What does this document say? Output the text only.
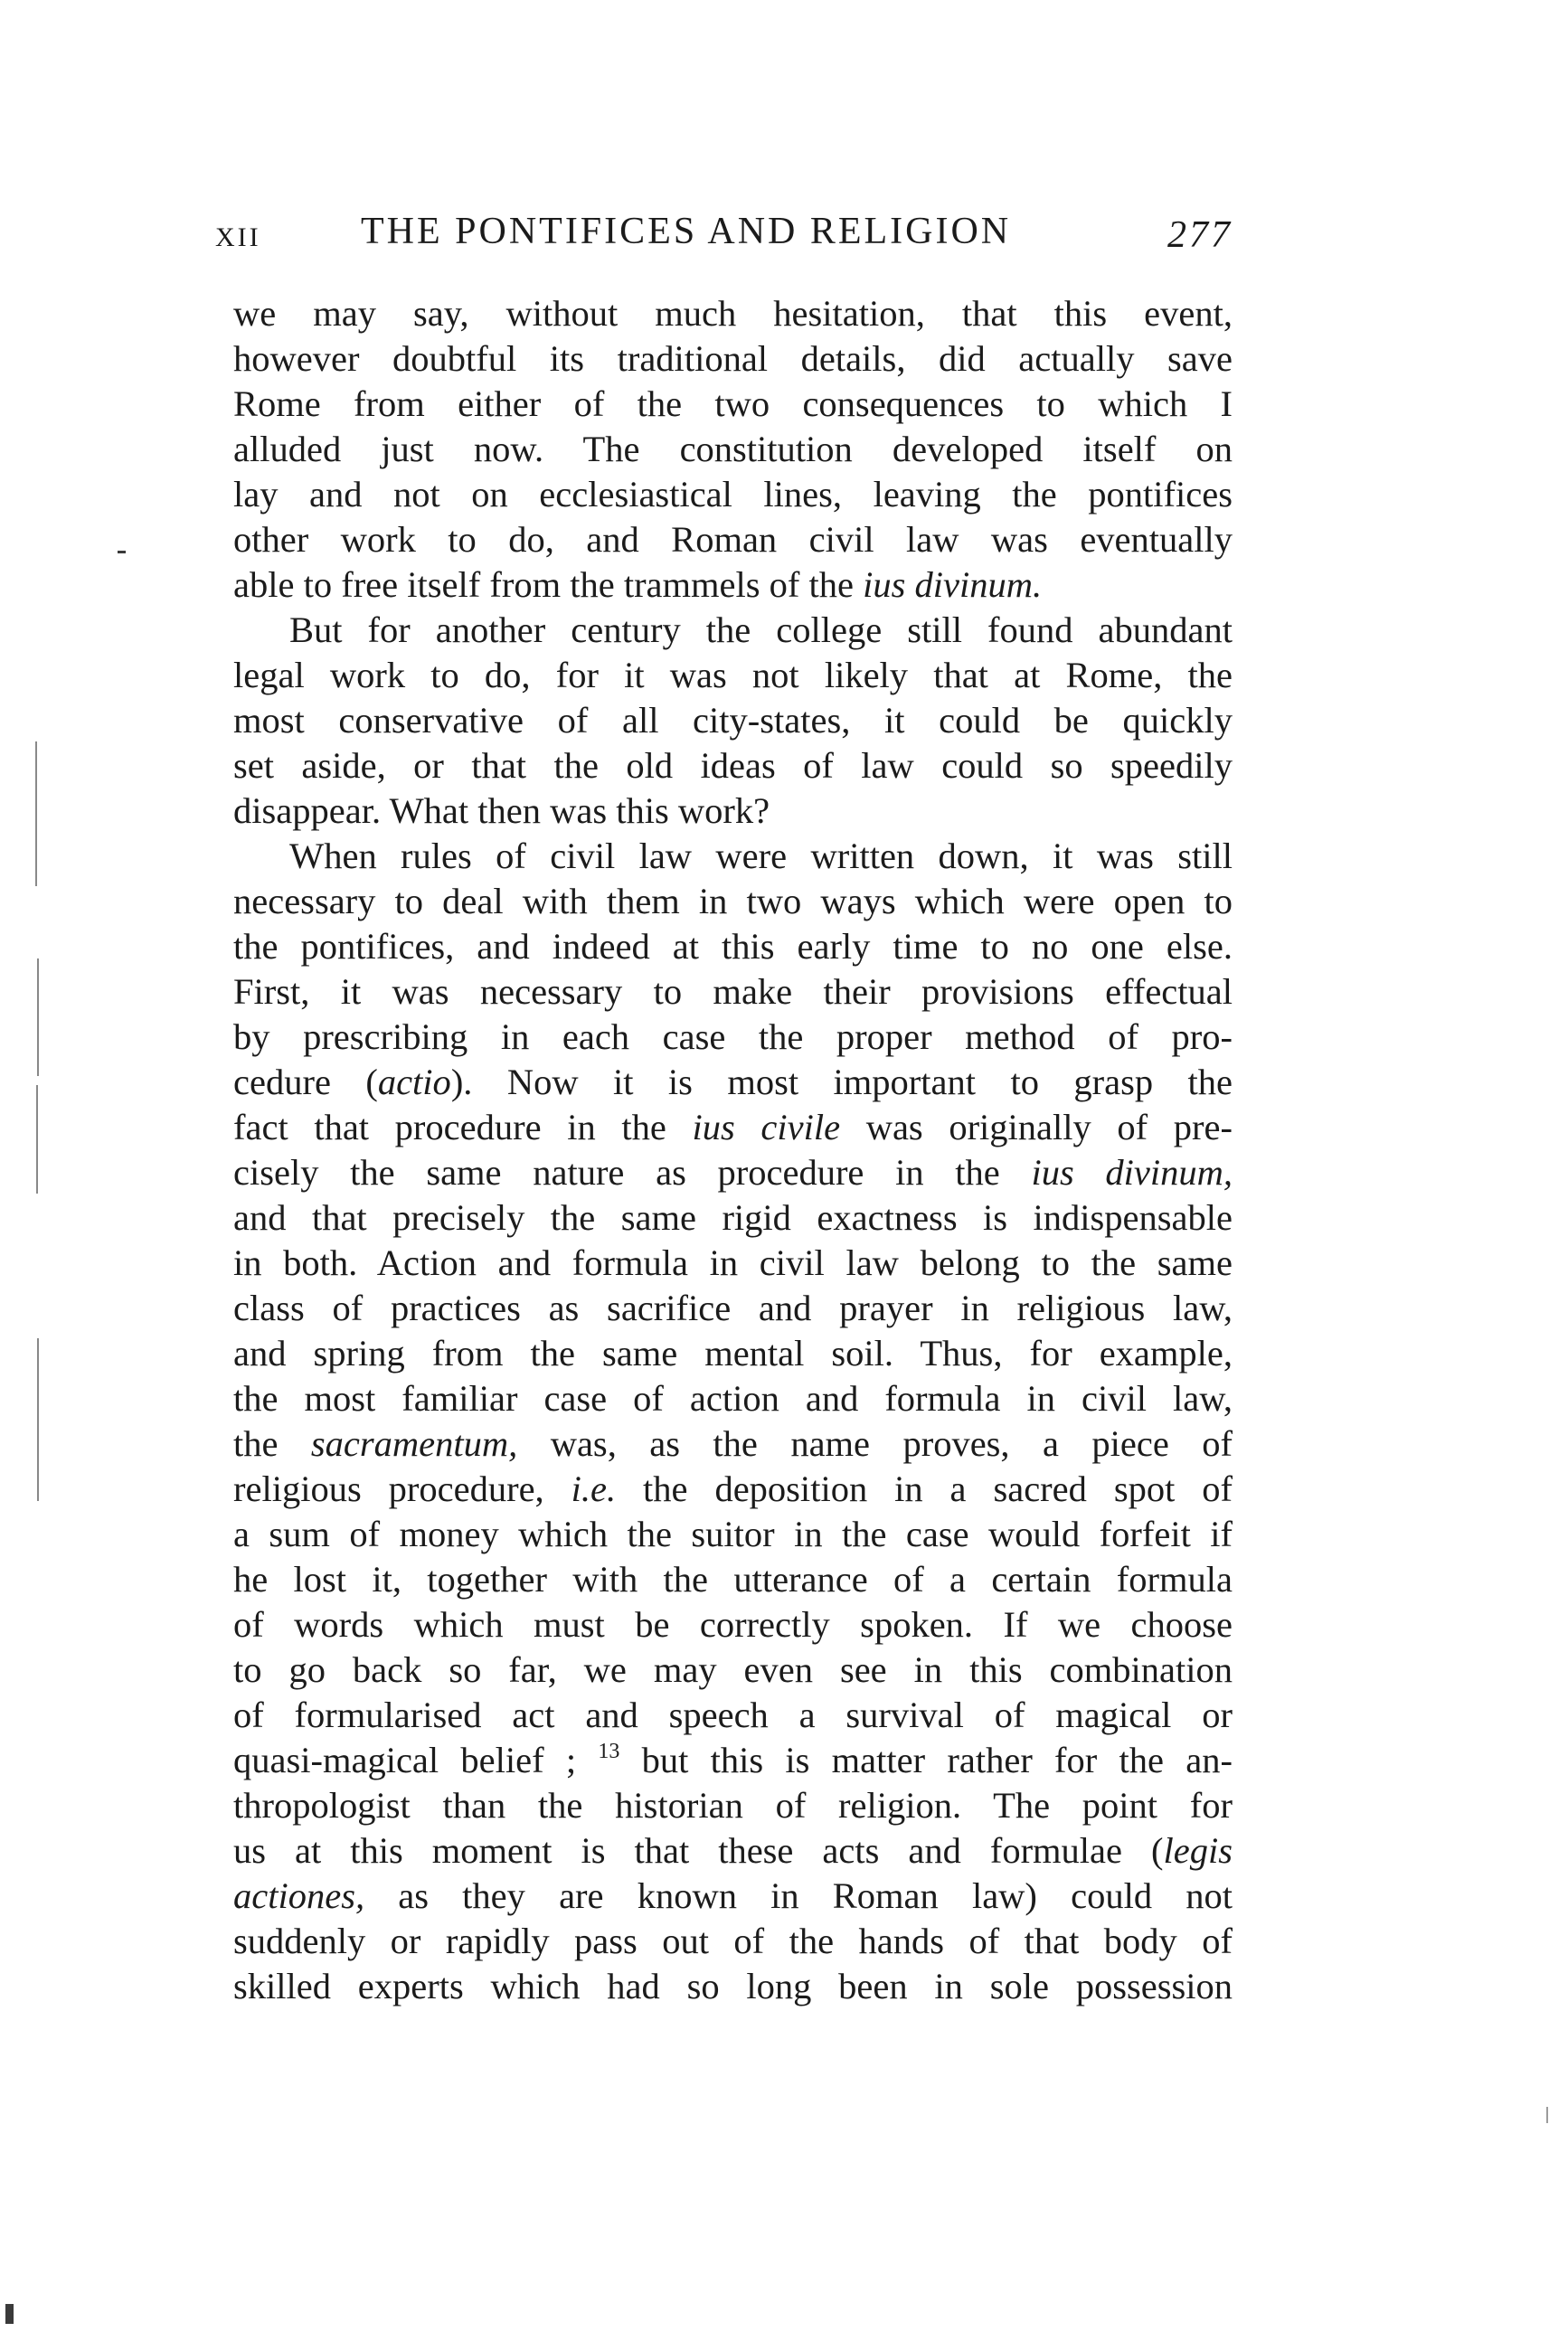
XII	THE PONTIFICES AND RELIGION	277
we may say, without much hesitation, that this event,
however doubtful its traditional details, did actually save
Rome from either of the two consequences to which I
alluded just now. The constitution developed itself on
lay and not on ecclesiastical lines, leaving the pontifices
other work to do, and Roman civil law was eventually
able to free itself from the trammels of the ius divinum.
But for another century the college still found abundant
legal work to do, for it was not likely that at Rome, the
most conservative of all city-states, it could be quickly
set aside, or that the old ideas of law could so speedily
disappear. What then was this work?
When rules of civil law were written down, it was still
necessary to deal with them in two ways which were open to
the pontifices, and indeed at this early time to no one else.
First, it was necessary to make their provisions effectual
by prescribing in each case the proper method of pro-
cedure (actio). Now it is most important to grasp the
fact that procedure in the ius civile was originally of pre-
cisely the same nature as procedure in the ius divinum,
and that precisely the same rigid exactness is indispensable
in both. Action and formula in civil law belong to the same
class of practices as sacrifice and prayer in religious law,
and spring from the same mental soil. Thus, for example,
the most familiar case of action and formula in civil law,
the sacramentum, was, as the name proves, a piece of
religious procedure, i.e. the deposition in a sacred spot of
a sum of money which the suitor in the case would forfeit if
he lost it, together with the utterance of a certain formula
of words which must be correctly spoken. If we choose
to go back so far, we may even see in this combination
of formularised act and speech a survival of magical or
quasi-magical belief ; $^{13}$ but this is matter rather for the an-
thropologist than the historian of religion. The point for
us at this moment is that these acts and formulae (legis
actiones, as they are known in Roman law) could not
suddenly or rapidly pass out of the hands of that body of
skilled experts which had so long been in sole possession
